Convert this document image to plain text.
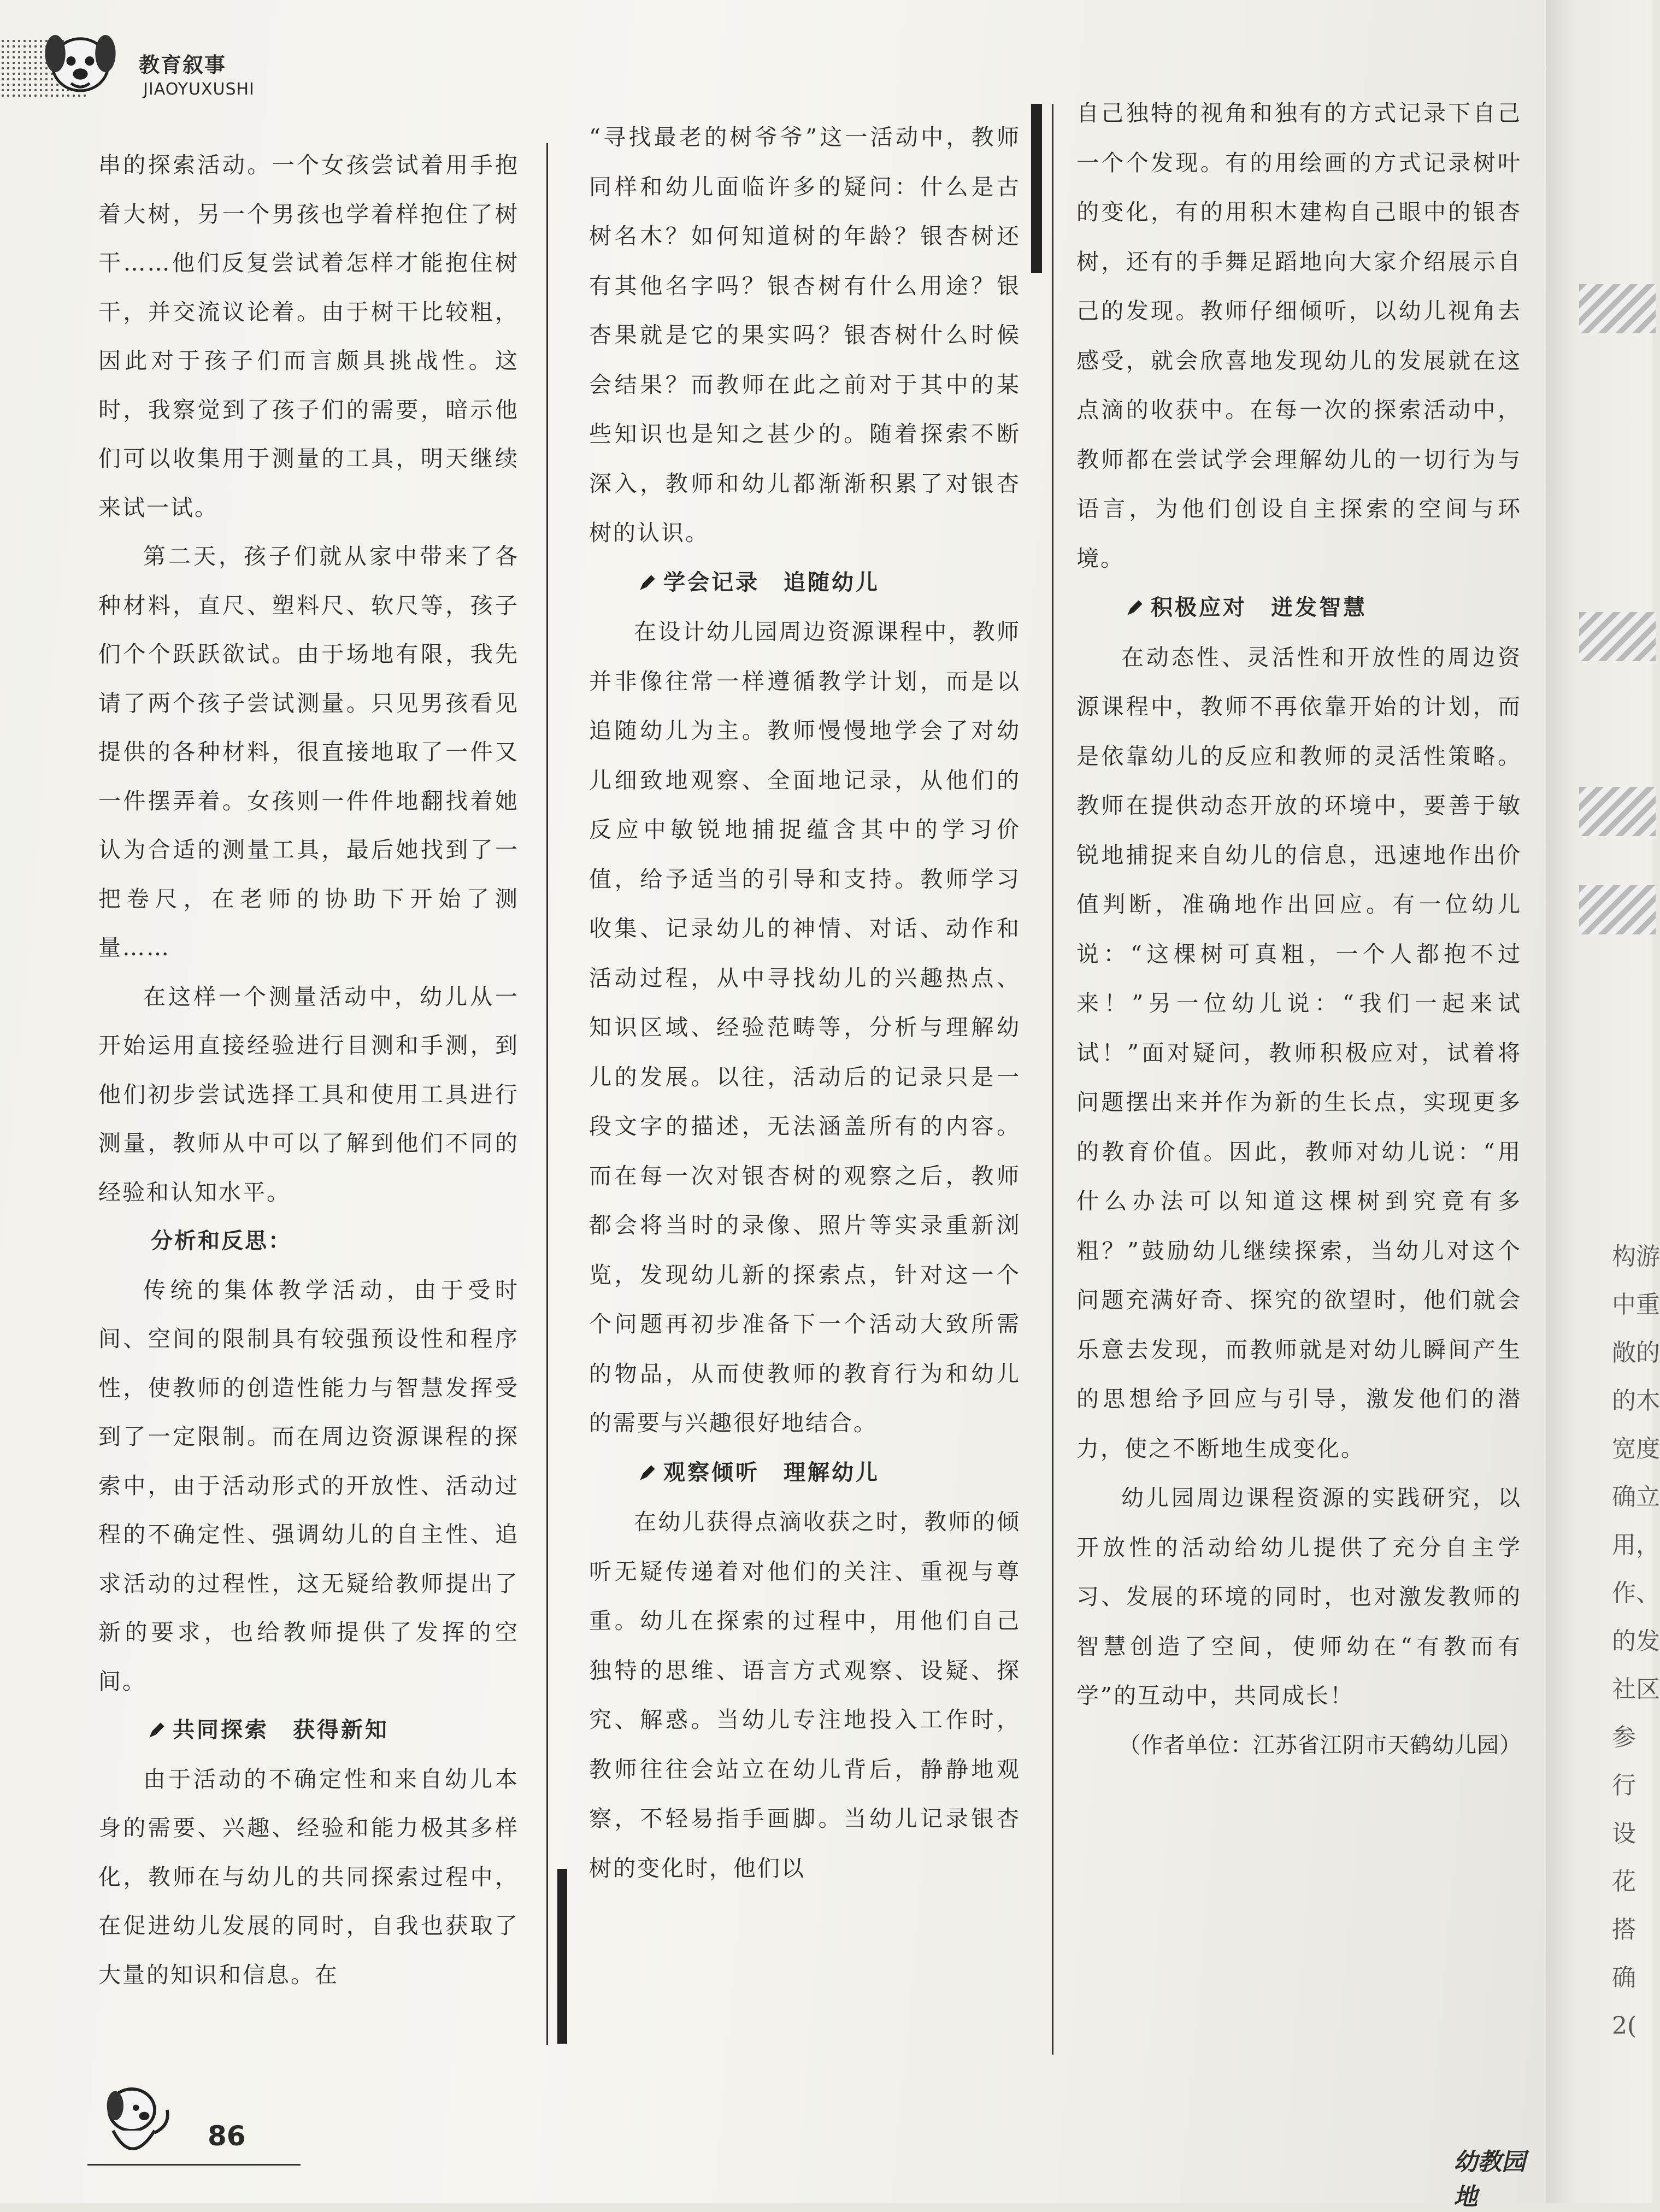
教育叙事
JIAOYUXUSHI

串的探索活动。一个女孩尝试着用手抱着大树，另一个男孩也学着样抱住了树干……他们反复尝试着怎样才能抱住树干，并交流议论着。由于树干比较粗，因此对于孩子们而言颇具挑战性。这时，我察觉到了孩子们的需要，暗示他们可以收集用于测量的工具，明天继续来试一试。

第二天，孩子们就从家中带来了各种材料，直尺、塑料尺、软尺等，孩子们个个跃跃欲试。由于场地有限，我先请了两个孩子尝试测量。只见男孩看见提供的各种材料，很直接地取了一件又一件摆弄着。女孩则一件件地翻找着她认为合适的测量工具，最后她找到了一把卷尺，在老师的协助下开始了测量……

在这样一个测量活动中，幼儿从一开始运用直接经验进行目测和手测，到他们初步尝试选择工具和使用工具进行测量，教师从中可以了解到他们不同的经验和认知水平。

分析和反思：

传统的集体教学活动，由于受时间、空间的限制具有较强预设性和程序性，使教师的创造性能力与智慧发挥受到了一定限制。而在周边资源课程的探索中，由于活动形式的开放性、活动过程的不确定性、强调幼儿的自主性、追求活动的过程性，这无疑给教师提出了新的要求，也给教师提供了发挥的空间。

共同探索 获得新知

由于活动的不确定性和来自幼儿本身的需要、兴趣、经验和能力极其多样化，教师在与幼儿的共同探索过程中，在促进幼儿发展的同时，自我也获取了大量的知识和信息。在

“寻找最老的树爷爷”这一活动中，教师同样和幼儿面临许多的疑问：什么是古树名木？如何知道树的年龄？银杏树还有其他名字吗？银杏树有什么用途？银杏果就是它的果实吗？银杏树什么时候会结果？而教师在此之前对于其中的某些知识也是知之甚少的。随着探索不断深入，教师和幼儿都渐渐积累了对银杏树的认识。

学会记录 追随幼儿

在设计幼儿园周边资源课程中，教师并非像往常一样遵循教学计划，而是以追随幼儿为主。教师慢慢地学会了对幼儿细致地观察、全面地记录，从他们的反应中敏锐地捕捉蕴含其中的学习价值，给予适当的引导和支持。教师学习收集、记录幼儿的神情、对话、动作和活动过程，从中寻找幼儿的兴趣热点、知识区域、经验范畴等，分析与理解幼儿的发展。以往，活动后的记录只是一段文字的描述，无法涵盖所有的内容。而在每一次对银杏树的观察之后，教师都会将当时的录像、照片等实录重新浏览，发现幼儿新的探索点，针对这一个个问题再初步准备下一个活动大致所需的物品，从而使教师的教育行为和幼儿的需要与兴趣很好地结合。

观察倾听 理解幼儿

在幼儿获得点滴收获之时，教师的倾听无疑传递着对他们的关注、重视与尊重。幼儿在探索的过程中，用他们自己独特的思维、语言方式观察、设疑、探究、解惑。当幼儿专注地投入工作时，教师往往会站立在幼儿背后，静静地观察，不轻易指手画脚。当幼儿记录银杏树的变化时，他们以

自己独特的视角和独有的方式记录下自己一个个发现。有的用绘画的方式记录树叶的变化，有的用积木建构自己眼中的银杏树，还有的手舞足蹈地向大家介绍展示自己的发现。教师仔细倾听，以幼儿视角去感受，就会欣喜地发现幼儿的发展就在这点滴的收获中。在每一次的探索活动中，教师都在尝试学会理解幼儿的一切行为与语言，为他们创设自主探索的空间与环境。

积极应对 迸发智慧

在动态性、灵活性和开放性的周边资源课程中，教师不再依靠开始的计划，而是依靠幼儿的反应和教师的灵活性策略。教师在提供动态开放的环境中，要善于敏锐地捕捉来自幼儿的信息，迅速地作出价值判断，准确地作出回应。有一位幼儿说：“这棵树可真粗，一个人都抱不过来！”另一位幼儿说：“我们一起来试试！”面对疑问，教师积极应对，试着将问题摆出来并作为新的生长点，实现更多的教育价值。因此，教师对幼儿说：“用什么办法可以知道这棵树到究竟有多粗？”鼓励幼儿继续探索，当幼儿对这个问题充满好奇、探究的欲望时，他们就会乐意去发现，而教师就是对幼儿瞬间产生的思想给予回应与引导，激发他们的潜力，使之不断地生成变化。

幼儿园周边课程资源的实践研究，以开放性的活动给幼儿提供了充分自主学习、发展的环境的同时，也对激发教师的智慧创造了空间，使师幼在“有教而有学”的互动中，共同成长！

（作者单位：江苏省江阴市天鹤幼儿园）

86
幼教园地
构游
中重
敞的
的木
宽度
确立
用，
作、
的发
社区
参
行
设
花
搭
确
2(
